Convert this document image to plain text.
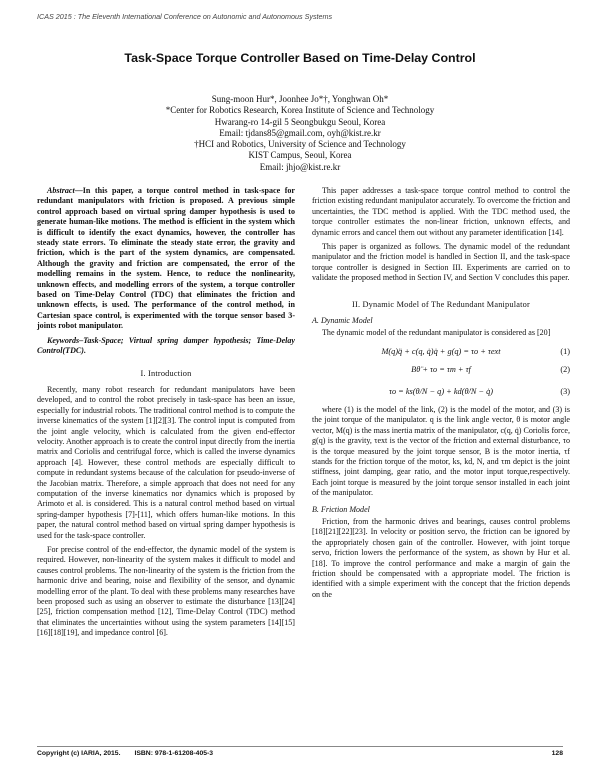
ICAS 2015 : The Eleventh International Conference on Autonomic and Autonomous Systems
Task-Space Torque Controller Based on Time-Delay Control
Sung-moon Hur*, Joonhee Jo*†, Yonghwan Oh*
*Center for Robotics Research, Korea Institute of Science and Technology
Hwarang-ro 14-gil 5 Seongbukgu Seoul, Korea
Email: tjdans85@gmail.com, oyh@kist.re.kr
†HCI and Robotics, University of Science and Technology
KIST Campus, Seoul, Korea
Email: jhjo@kist.re.kr

Abstract—In this paper, a torque control method in task-space for redundant manipulators with friction is proposed. A previous simple control approach based on virtual spring damper hypothesis is used to generate human-like motions. The method is efficient in the system which is difficult to identify the exact dynamics, however, the controller has steady state errors. To eliminate the steady state error, the gravity and friction, which is the part of the system dynamics, are compensated. Although the gravity and friction are compensated, the error of the modelling remains in the system. Hence, to reduce the nonlinearity, unknown effects, and modelling errors of the system, a torque controller based on Time-Delay Control (TDC) that eliminates the friction and unknown effects, is used. The performance of the control method, in Cartesian space control, is experimented with the torque sensor based 3-joints robot manipulator.

Keywords–Task-Space; Virtual spring damper hypothesis; Time-Delay Control(TDC).

I. Introduction

Recently, many robot research for redundant manipulators have been developed, and to control the robot precisely in task-space has been an issue, especially for industrial robots. The traditional control method is to compute the inverse kinematics of the system [1][2][3]. The control input is computed from the joint angle velocity, which is calculated from the given end-effector velocity. Another approach is to create the control input directly from the inertia matrix and Coriolis and centrifugal force, which is called the inverse dynamics approach [4]. However, these control methods are especially difficult to compute in redundant systems because of the calculation for pseudo-inverse of the Jacobian matrix. Therefore, a simple approach that does not need for any computation of the inverse kinematics nor dynamics which is proposed by Arimoto et al. is considered. This is a natural control method based on virtual spring-damper hypothesis [7]-[11], which offers human-like motions. In this paper, the natural control method based on virtual spring damper hypothesis is used for the task-space controller.

For precise control of the end-effector, the dynamic model of the system is required. However, non-linearity of the system makes it difficult to model and causes control problems. The non-linearity of the system is the friction from the harmonic drive and bearing, noise and flexibility of the sensor, and dynamic modelling error of the plant. To deal with these problems many researches have been proposed such as using an observer to estimate the disturbance [13][24][25], friction compensation method [12], Time-Delay Control (TDC) method that eliminates the uncertainties without using the system parameters [14][15][16][18][19], and impedance control [6].

This paper addresses a task-space torque control method to control the friction existing redundant manipulator accurately. To overcome the friction and uncertainties, the TDC method is applied. With the TDC method used, the torque controller estimates the non-linear friction, unknown effects, and dynamic errors and cancel them out without any parameter identification [14].

This paper is organized as follows. The dynamic model of the redundant manipulator and the friction model is handled in Section II, and the task-space torque controller is designed in Section III. Experiments are carried on to validate the proposed method in Section IV, and Section V concludes this paper.

II. Dynamic Model of The Redundant Manipulator
A. Dynamic Model

The dynamic model of the redundant manipulator is considered as [20]

M(q)q̈ + c(q, q̇)q̇ + g(q) = τo + τext	(1)
Bθ̈ + τo = τm + τf	(2)
τo = ks(θ/N − q) + kd(θ̇/N − q̇)	(3)

where (1) is the model of the link, (2) is the model of the motor, and (3) is the joint torque of the manipulator. q is the link angle vector, θ is motor angle vector, M(q) is the mass inertia matrix of the manipulator, c(q, q̇) Coriolis force, g(q) is the gravity, τext is the vector of the friction and external disturbance, τo is the torque measured by the joint torque sensor, B is the motor inertia, τf stands for the friction torque of the motor, ks, kd, N, and τm depict is the joint stiffness, joint damping, gear ratio, and the motor input torque,respectively. Each joint torque is measured by the joint torque sensor installed in each joint of the manipulator.

B. Friction Model

Friction, from the harmonic drives and bearings, causes control problems [18][21][22][23]. In velocity or position servo, the friction can be ignored by the appropriately chosen gain of the controller. However, with joint torque servo, friction lowers the performance of the system, as shown by Hur et al. [18]. To improve the control performance and make a margin of gain the friction should be compensated with a appropriate model. The friction is identified with a simple experiment with the concept that the friction depends on the

Copyright (c) IARIA, 2015. ISBN: 978-1-61208-405-3	128
